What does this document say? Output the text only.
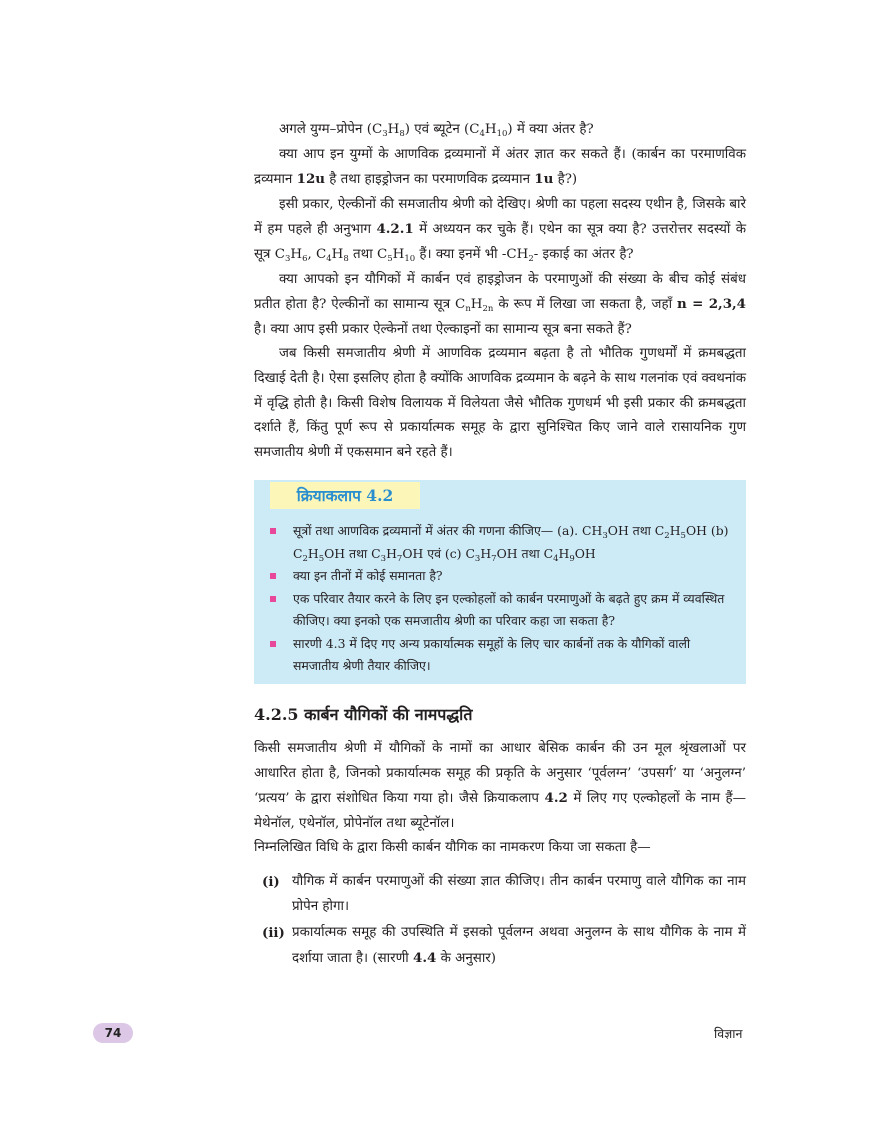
अगले युग्म–प्रोपेन $(C_3H_8)$ एवं ब्यूटेन $(C_4H_{10})$ में क्या अंतर है?

क्या आप इन युग्मों के आणविक द्रव्यमानों में अंतर ज्ञात कर सकते हैं। (कार्बन का परमाणविक द्रव्यमान 12u है तथा हाइड्रोजन का परमाणविक द्रव्यमान 1u है?)

इसी प्रकार, ऐल्कीनों की समजातीय श्रेणी को देखिए। श्रेणी का पहला सदस्य एथीन है, जिसके बारे में हम पहले ही अनुभाग 4.2.1 में अध्ययन कर चुके हैं। एथेन का सूत्र क्या है? उत्तरोत्तर सदस्यों के सूत्र $C_3H_6$, $C_4H_8$ तथा $C_5H_{10}$ हैं। क्या इनमें भी $-CH_2-$ इकाई का अंतर है?

क्या आपको इन यौगिकों में कार्बन एवं हाइड्रोजन के परमाणुओं की संख्या के बीच कोई संबंध प्रतीत होता है? ऐल्कीनों का सामान्य सूत्र $C_nH_{2n}$ के रूप में लिखा जा सकता है, जहाँ n = 2,3,4 है। क्या आप इसी प्रकार ऐल्केनों तथा ऐल्काइनों का सामान्य सूत्र बना सकते हैं?

जब किसी समजातीय श्रेणी में आणविक द्रव्यमान बढ़ता है तो भौतिक गुणधर्मों में क्रमबद्धता दिखाई देती है। ऐसा इसलिए होता है क्योंकि आणविक द्रव्यमान के बढ़ने के साथ गलनांक एवं क्वथनांक में वृद्धि होती है। किसी विशेष विलायक में विलेयता जैसे भौतिक गुणधर्म भी इसी प्रकार की क्रमबद्धता दर्शाते हैं, किंतु पूर्ण रूप से प्रकार्यात्मक समूह के द्वारा सुनिश्चित किए जाने वाले रासायनिक गुण समजातीय श्रेणी में एकसमान बने रहते हैं।

क्रियाकलाप 4.2
सूत्रों तथा आणविक द्रव्यमानों में अंतर की गणना कीजिए— (a). $CH_3OH$ तथा $C_2H_5OH$ (b) $C_2H_5OH$ तथा $C_3H_7OH$ एवं (c) $C_3H_7OH$ तथा $C_4H_9OH$
क्या इन तीनों में कोई समानता है?
एक परिवार तैयार करने के लिए इन एल्कोहलों को कार्बन परमाणुओं के बढ़ते हुए क्रम में व्यवस्थित कीजिए। क्या इनको एक समजातीय श्रेणी का परिवार कहा जा सकता है?
सारणी 4.3 में दिए गए अन्य प्रकार्यात्मक समूहों के लिए चार कार्बनों तक के यौगिकों वाली समजातीय श्रेणी तैयार कीजिए।
4.2.5 कार्बन यौगिकों की नामपद्धति

किसी समजातीय श्रेणी में यौगिकों के नामों का आधार बेसिक कार्बन की उन मूल श्रृंखलाओं पर आधारित होता है, जिनको प्रकार्यात्मक समूह की प्रकृति के अनुसार ‘पूर्वलग्न’ ‘उपसर्ग’ या ‘अनुलग्न’ ‘प्रत्यय’ के द्वारा संशोधित किया गया हो। जैसे क्रियाकलाप 4.2 में लिए गए एल्कोहलों के नाम हैं— मेथेनॉल, एथेनॉल, प्रोपेनॉल तथा ब्यूटेनॉल।

निम्नलिखित विधि के द्वारा किसी कार्बन यौगिक का नामकरण किया जा सकता है—

(i) यौगिक में कार्बन परमाणुओं की संख्या ज्ञात कीजिए। तीन कार्बन परमाणु वाले यौगिक का नाम प्रोपेन होगा।
(ii) प्रकार्यात्मक समूह की उपस्थिति में इसको पूर्वलग्न अथवा अनुलग्न के साथ यौगिक के नाम में दर्शाया जाता है। (सारणी 4.4 के अनुसार)
74	विज्ञान
